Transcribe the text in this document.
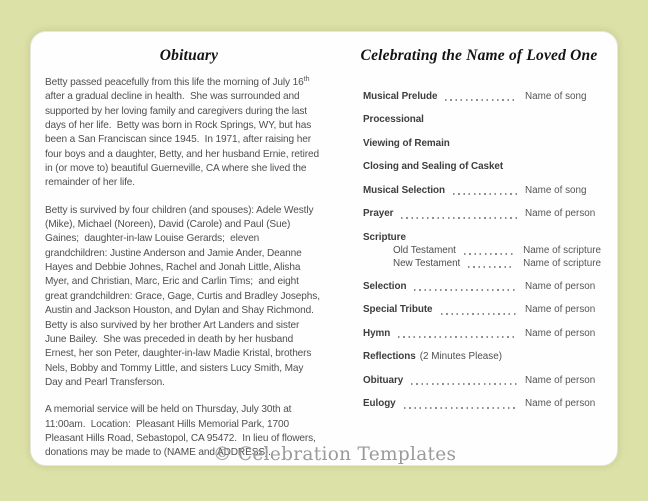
Obituary

Betty passed peacefully from this life the morning of July 16th after a gradual decline in health.  She was surrounded and supported by her loving family and caregivers during the last days of her life.  Betty was born in Rock Springs, WY, but has been a San Franciscan since 1945.  In 1971, after raising her four boys and a daughter, Betty, and her husband Ernie, retired in (or move to) beautiful Guerneville, CA where she lived the remainder of her life.

Betty is survived by four children (and spouses): Adele Westly (Mike), Michael (Noreen), David (Carole) and Paul (Sue) Gaines;  daughter-in-law Louise Gerards;  eleven grandchildren: Justine Anderson and Jamie Ander, Deanne Hayes and Debbie Johnes, Rachel and Jonah Little, Alisha Myer, and Christian, Marc, Eric and Carlin Tims;  and eight great grandchildren: Grace, Gage, Curtis and Bradley Josephs, Austin and Jackson Houston, and Dylan and Shay Richmond.  Betty is also survived by her brother Art Landers and sister June Bailey.  She was preceded in death by her husband Ernest, her son Peter, daughter-in-law Madie Kristal, brothers Nels, Bobby and Tommy Little, and sisters Lucy Smith, May Day and Pearl Transferson.

A memorial service will be held on Thursday, July 30th at 11:00am.  Location:  Pleasant Hills Memorial Park, 1700 Pleasant Hills Road, Sebastopol, CA 95472.  In lieu of flowers, donations may be made to (NAME and ADDRESS).

Celebrating the Name of Loved One
Musical Prelude	Name of song
Processional
Viewing of Remain
Closing and Sealing of Casket
Musical Selection	Name of song
Prayer	Name of person
Scripture
Old Testament	Name of scripture
New Testament	Name of scripture
Selection	Name of person
Special Tribute	Name of person
Hymn	Name of person
Reflections (2 Minutes Please)
Obituary	Name of person
Eulogy	Name of person
© Celebration Templates
